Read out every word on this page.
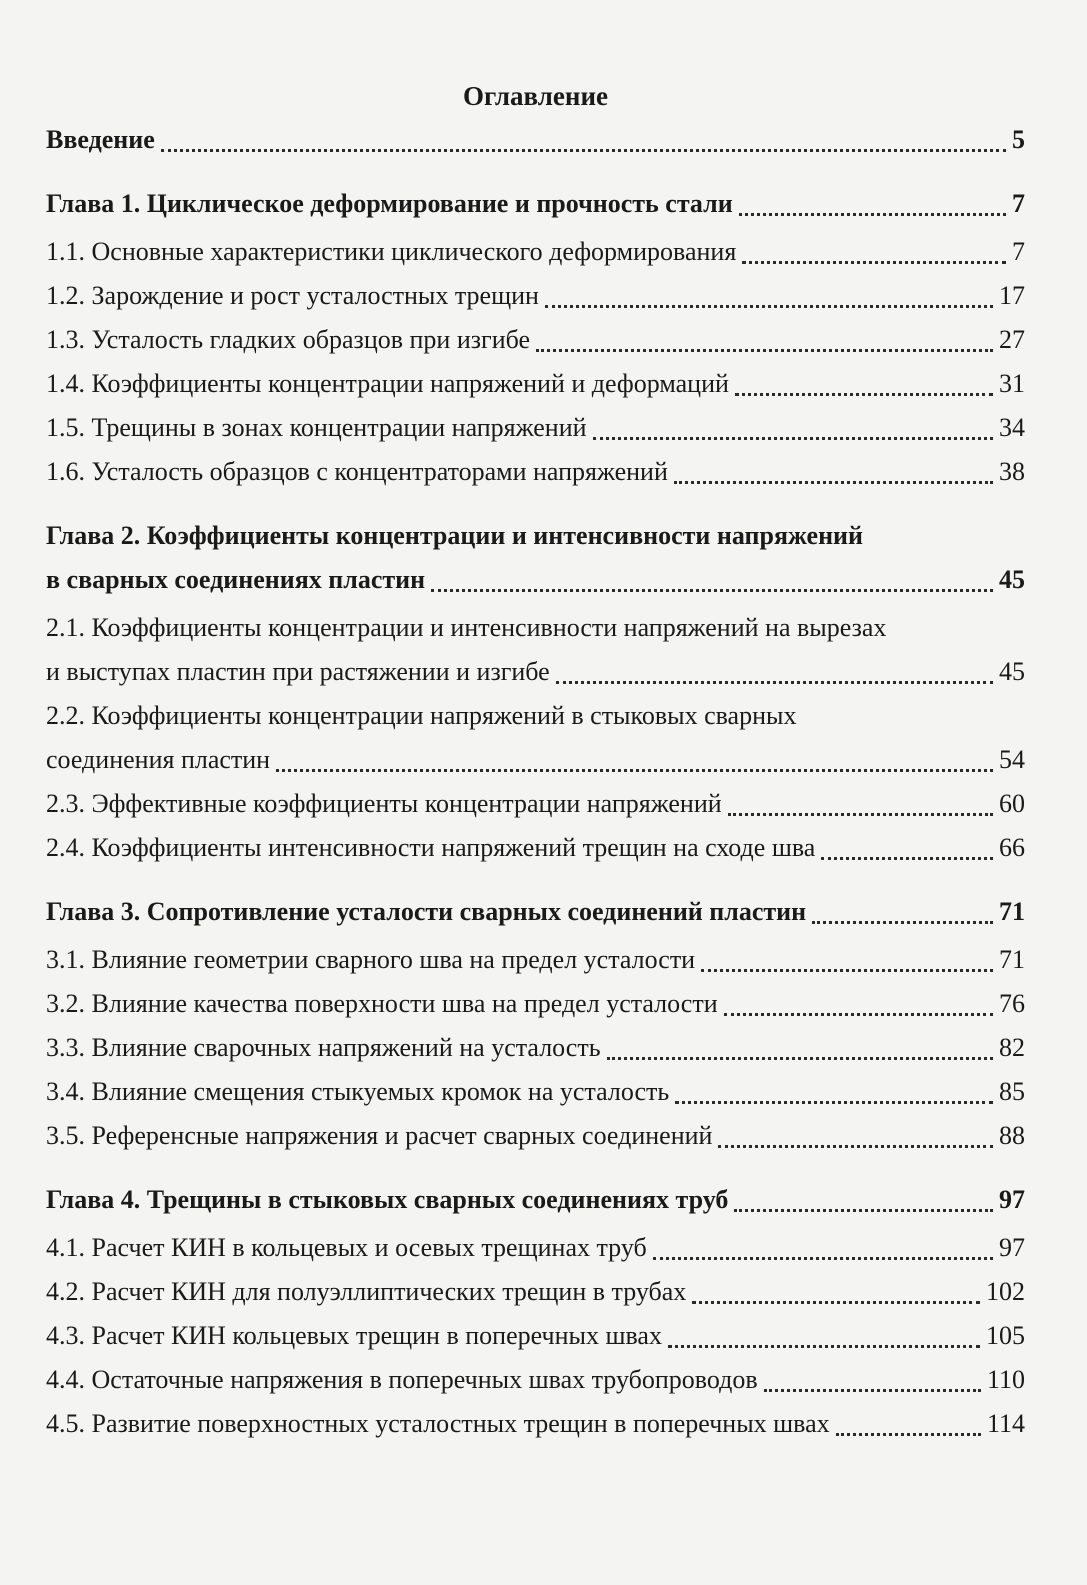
Оглавление
Введение	5
Глава 1. Циклическое деформирование и прочность стали	7
1.1. Основные характеристики циклического деформирования	7
1.2. Зарождение и рост усталостных трещин	17
1.3. Усталость гладких образцов при изгибе	27
1.4. Коэффициенты концентрации напряжений и деформаций	31
1.5. Трещины в зонах концентрации напряжений	34
1.6. Усталость образцов с концентраторами напряжений	38
Глава 2. Коэффициенты концентрации и интенсивности напряжений
в сварных соединениях пластин	45
2.1. Коэффициенты концентрации и интенсивности напряжений на вырезах
и выступах пластин при растяжении и изгибе	45
2.2. Коэффициенты концентрации напряжений в стыковых сварных
соединения пластин	54
2.3. Эффективные коэффициенты концентрации напряжений	60
2.4. Коэффициенты интенсивности напряжений трещин на сходе шва	66
Глава 3. Сопротивление усталости сварных соединений пластин	71
3.1. Влияние геометрии сварного шва на предел усталости	71
3.2. Влияние качества поверхности шва на предел усталости	76
3.3. Влияние сварочных напряжений на усталость	82
3.4. Влияние смещения стыкуемых кромок на усталость	85
3.5. Референсные напряжения и расчет сварных соединений	88
Глава 4. Трещины в стыковых сварных соединениях труб	97
4.1. Расчет КИН в кольцевых и осевых трещинах труб	97
4.2. Расчет КИН для полуэллиптических трещин в трубах	102
4.3. Расчет КИН кольцевых трещин в поперечных швах	105
4.4. Остаточные напряжения в поперечных швах трубопроводов	110
4.5. Развитие поверхностных усталостных трещин в поперечных швах	114
